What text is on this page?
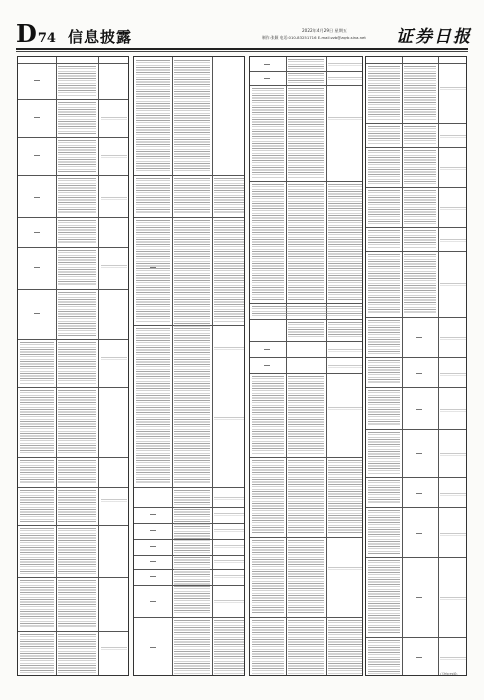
D74 信息披露	2022年4月29日 星期五
制作:张颖 电话:010-83251716 E-mail:zzb@zqrb.sina.net 证券日报
(下转D75版)
